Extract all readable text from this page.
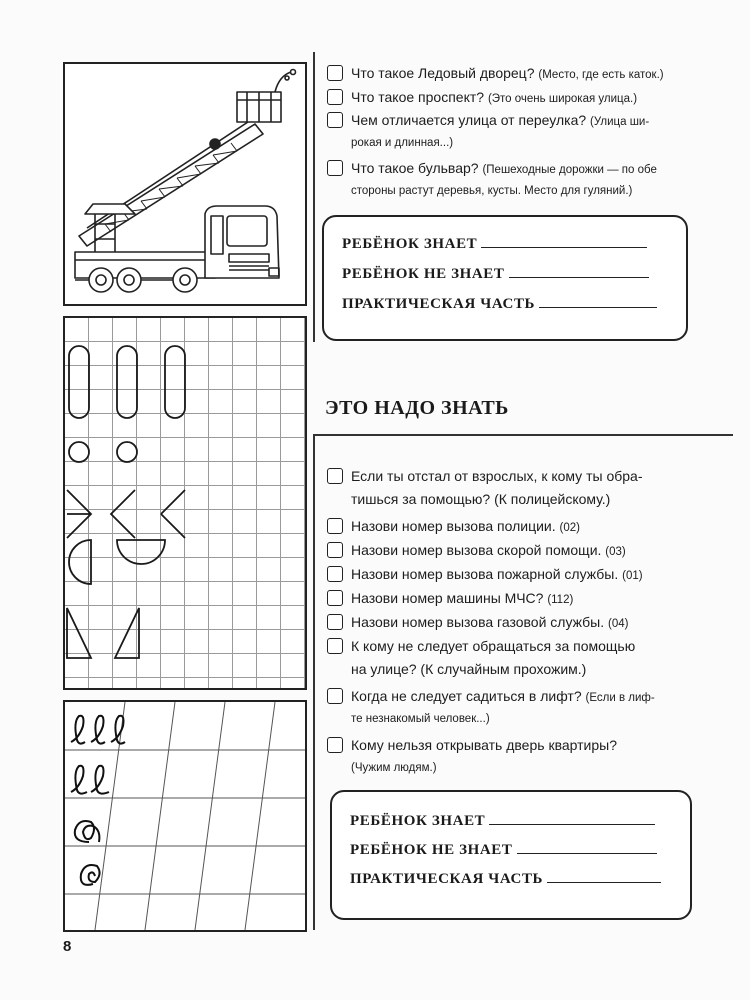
Что такое Ледовый дворец? (Место, где есть каток.)
Что такое проспект? (Это очень широкая улица.)
Чем отличается улица от переулка? (Улица ши-
рокая и длинная...)
Что такое бульвар? (Пешеходные дорожки — по обе
стороны растут деревья, кусты. Место для гуляний.)
РЕБЁНОК ЗНАЕТ
РЕБЁНОК НЕ ЗНАЕТ
ПРАКТИЧЕСКАЯ ЧАСТЬ
ЭТО НАДО ЗНАТЬ
Если ты отстал от взрослых, к кому ты обра-
тишься за помощью? (К полицейскому.)
Назови номер вызова полиции. (02)
Назови номер вызова скорой помощи. (03)
Назови номер вызова пожарной службы. (01)
Назови номер машины МЧС? (112)
Назови номер вызова газовой службы. (04)
К кому не следует обращаться за помощью
на улице? (К случайным прохожим.)
Когда не следует садиться в лифт? (Если в лиф-
те незнакомый человек...)
Кому нельзя открывать дверь квартиры?
(Чужим людям.)
РЕБЁНОК ЗНАЕТ
РЕБЁНОК НЕ ЗНАЕТ
ПРАКТИЧЕСКАЯ ЧАСТЬ
8
